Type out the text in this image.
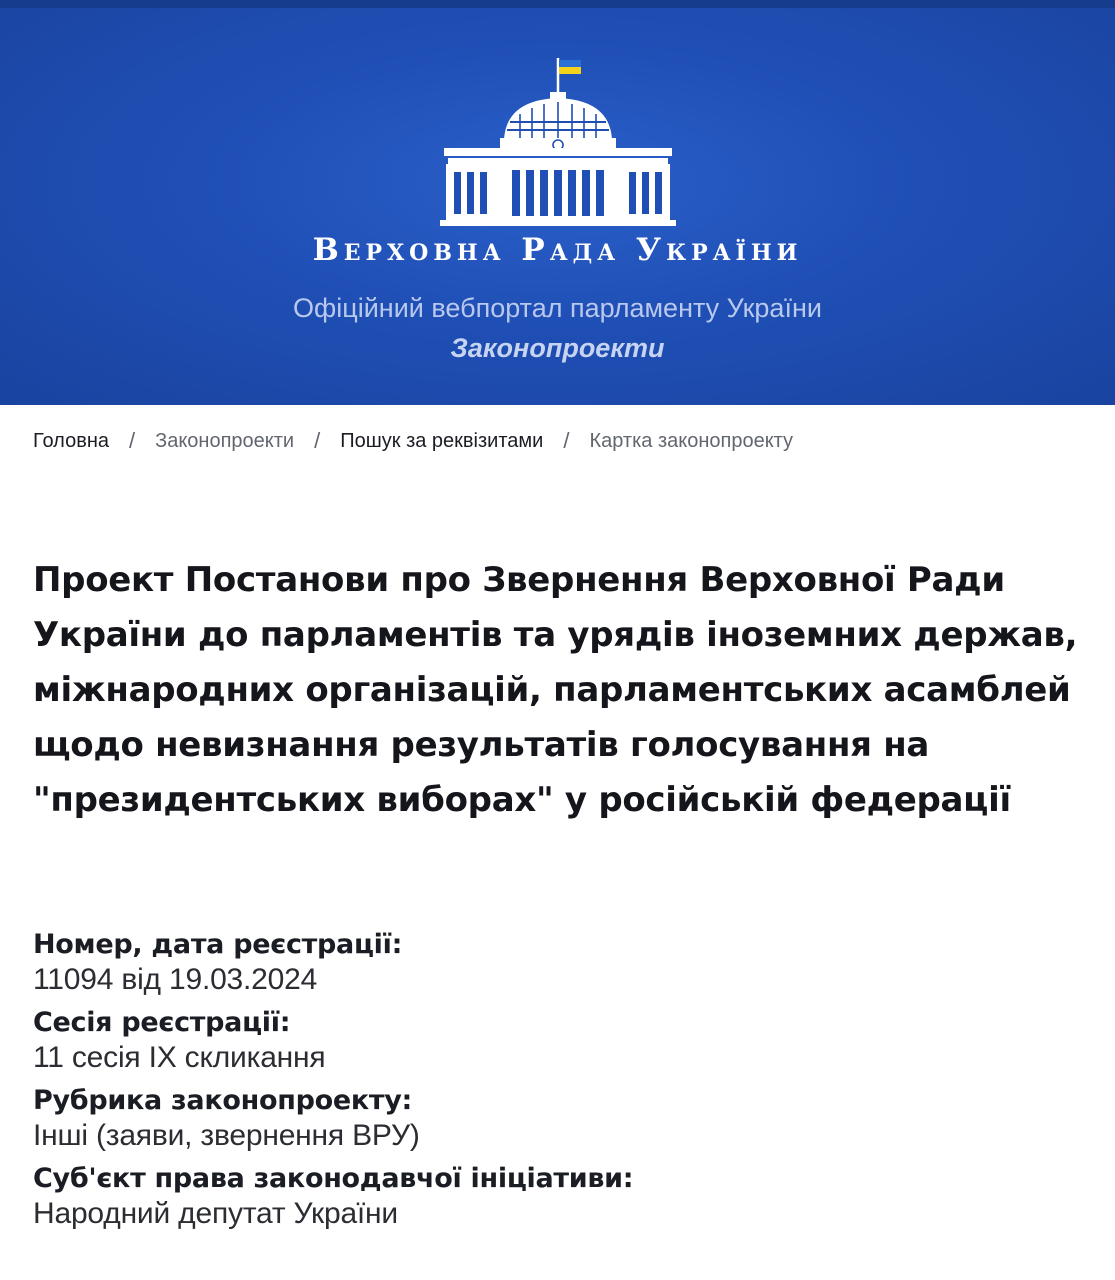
Верховна Рада України
Офіційний вебпортал парламенту України
Законопроекти
Головна / Законопроекти / Пошук за реквізитами / Картка законопроекту
Проект Постанови про Звернення Верховної Ради України до парламентів та урядів іноземних держав, міжнародних організацій, парламентських асамблей щодо невизнання результатів голосування на "президентських виборах" у російській федерації
Номер, дата реєстрації:
11094 від 19.03.2024
Сесія реєстрації:
11 сесія IX скликання
Рубрика законопроекту:
Інші (заяви, звернення ВРУ)
Суб'єкт права законодавчої ініціативи:
Народний депутат України
